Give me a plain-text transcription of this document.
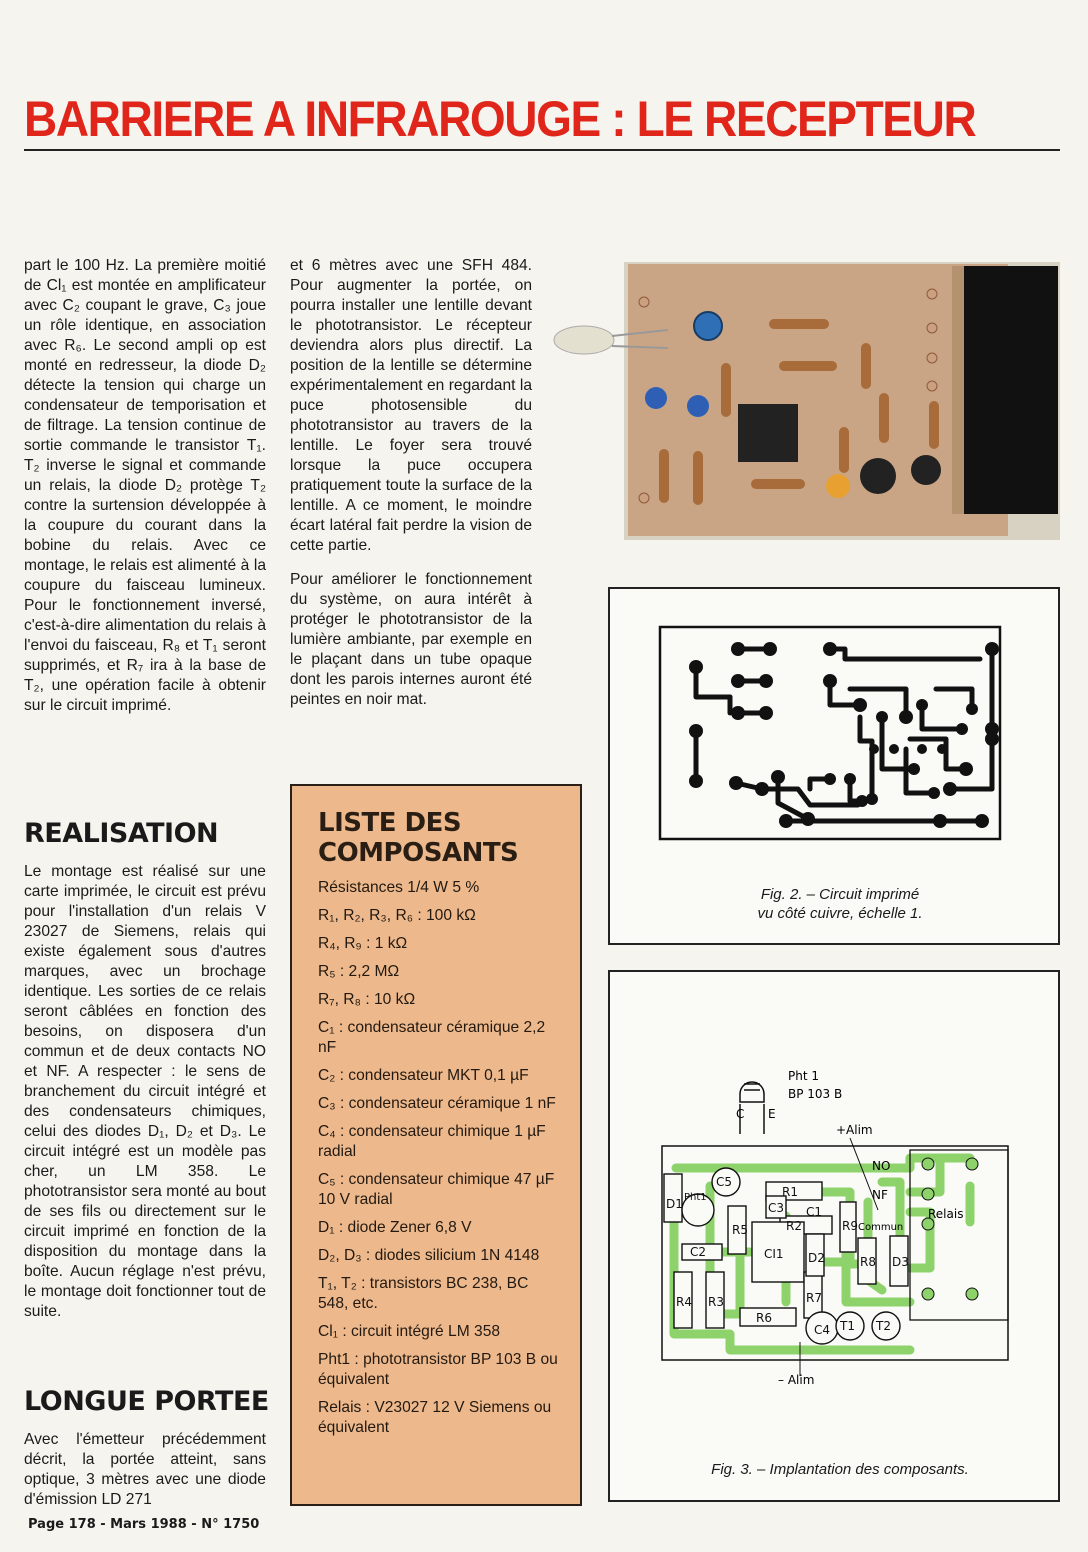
BARRIERE A INFRAROUGE : LE RECEPTEUR

part le 100 Hz. La première moitié de Cl₁ est montée en amplificateur avec C₂ coupant le grave, C₃ joue un rôle identique, en association avec R₆. Le second ampli op est monté en redresseur, la diode D₂ détecte la tension qui charge un condensateur de temporisation et de filtrage. La tension continue de sortie commande le transistor T₁. T₂ inverse le signal et commande un relais, la diode D₂ protège T₂ contre la surtension développée à la coupure du courant dans la bobine du relais. Avec ce montage, le relais est alimenté à la coupure du faisceau lumineux. Pour le fonctionnement inversé, c'est-à-dire alimentation du relais à l'envoi du faisceau, R₈ et T₁ seront supprimés, et R₇ ira à la base de T₂, une opération facile à obtenir sur le circuit imprimé.

REALISATION

Le montage est réalisé sur une carte imprimée, le circuit est prévu pour l'installation d'un relais V 23027 de Siemens, relais qui existe également sous d'autres marques, avec un brochage identique. Les sorties de ce relais seront câblées en fonction des besoins, on disposera d'un commun et de deux contacts NO et NF. A respecter : le sens de branchement du circuit intégré et des condensateurs chimiques, celui des diodes D₁, D₂ et D₃. Le circuit intégré est un modèle pas cher, un LM 358. Le phototransistor sera monté au bout de ses fils ou directement sur le circuit imprimé en fonction de la disposition du montage dans la boîte. Aucun réglage n'est prévu, le montage doit fonctionner tout de suite.

LONGUE PORTEE

Avec l'émetteur précédemment décrit, la portée atteint, sans optique, 3 mètres avec une diode d'émission LD 271

et 6 mètres avec une SFH 484. Pour augmenter la portée, on pourra installer une lentille devant le phototransistor. Le récepteur deviendra alors plus directif. La position de la lentille se détermine expérimentalement en regardant la puce photosensible du phototransistor au travers de la lentille. Le foyer sera trouvé lorsque la puce occupera pratiquement toute la surface de la lentille. A ce moment, le moindre écart latéral fait perdre la vision de cette partie.

Pour améliorer le fonctionnement du système, on aura intérêt à protéger le phototransistor de la lumière ambiante, par exemple en le plaçant dans un tube opaque dont les parois internes auront été peintes en noir mat.

LISTE DES
COMPOSANTS

Résistances 1/4 W 5 %

R₁, R₂, R₃, R₆ : 100 kΩ

R₄, R₉ : 1 kΩ

R₅ : 2,2 MΩ

R₇, R₈ : 10 kΩ

C₁ : condensateur céramique 2,2 nF

C₂ : condensateur MKT 0,1 µF

C₃ : condensateur céramique 1 nF

C₄ : condensateur chimique 1 µF radial

C₅ : condensateur chimique 47 µF 10 V radial

D₁ : diode Zener 6,8 V

D₂, D₃ : diodes silicium 1N 4148

T₁, T₂ : transistors BC 238, BC 548, etc.

Cl₁ : circuit intégré LM 358

Pht1 : phototransistor BP 103 B ou équivalent

Relais : V23027 12 V Siemens ou équivalent

Fig. 2. – Circuit imprimé
vu côté cuivre, échelle 1.
Pht 1
BP 103 B
C E
+Alim
– Alim
Relais
NO
NF
Commun
D1 Pht1
C5
R1
R2
C1
C3
C2
R5
R4 R3
CI1 D2
R7
R9
R8 D3
R6
C4 T1 T2
Fig. 3. – Implantation des composants.
Page 178 - Mars 1988 - N° 1750
